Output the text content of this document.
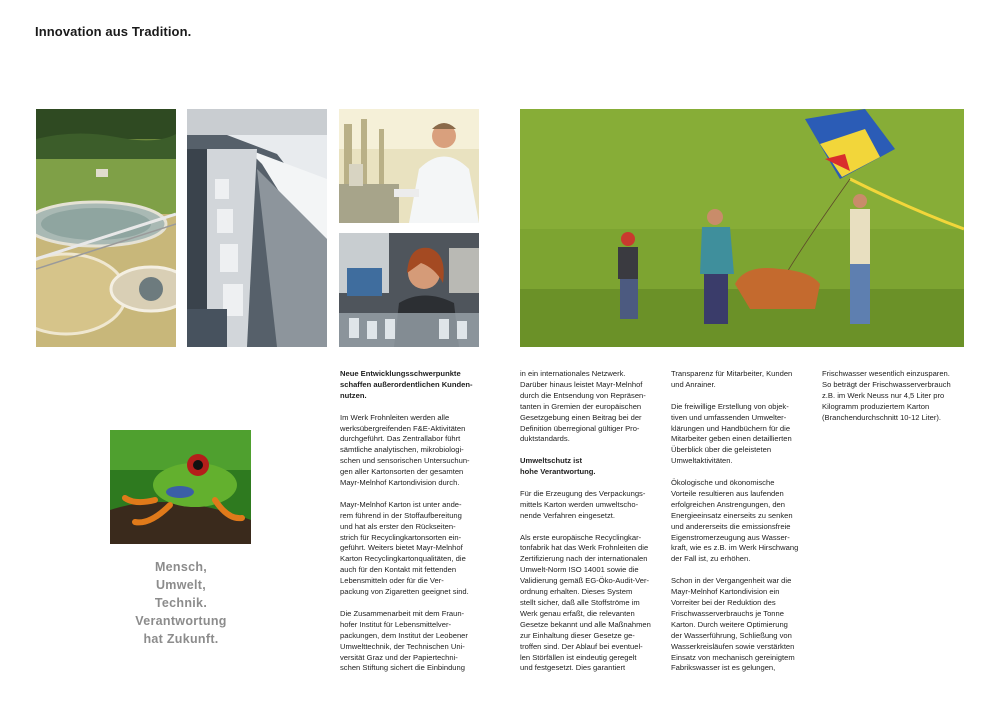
Innovation aus Tradition.
Mensch,
Umwelt,
Technik.
Verantwortung
hat Zukunft.

Neue Entwicklungsschwerpunkte
schaffen außerordentlichen Kunden-
nutzen.

Im Werk Frohnleiten werden alle
werksübergreifenden F&E-Aktivitäten
durchgeführt. Das Zentrallabor führt
sämtliche analytischen, mikrobiologi-
schen und sensorischen Untersuchun-
gen aller Kartonsorten der gesamten
Mayr-Melnhof Kartondivision durch.

Mayr-Melnhof Karton ist unter ande-
rem führend in der Stoffaufbereitung
und hat als erster den Rückseiten-
strich für Recyclingkartonsorten ein-
geführt. Weiters bietet Mayr-Melnhof
Karton Recyclingkartonqualitäten, die
auch für den Kontakt mit fettenden
Lebensmitteln oder für die Ver-
packung von Zigaretten geeignet sind.

Die Zusammenarbeit mit dem Fraun-
hofer Institut für Lebensmittelver-
packungen, dem Institut der Leobener
Umwelttechnik, der Technischen Uni-
versität Graz und der Papiertechni-
schen Stiftung sichert die Einbindung

in ein internationales Netzwerk.
Darüber hinaus leistet Mayr-Melnhof
durch die Entsendung von Repräsen-
tanten in Gremien der europäischen
Gesetzgebung einen Beitrag bei der
Definition überregional gültiger Pro-
duktstandards.

Umweltschutz ist
hohe Verantwortung.

Für die Erzeugung des Verpackungs-
mittels Karton werden umweltscho-
nende Verfahren eingesetzt.

Als erste europäische Recyclingkar-
tonfabrik hat das Werk Frohnleiten die
Zertifizierung nach der internationalen
Umwelt-Norm ISO 14001 sowie die
Validierung gemäß EG-Öko-Audit-Ver-
ordnung erhalten. Dieses System
stellt sicher, daß alle Stoffströme im
Werk genau erfaßt, die relevanten
Gesetze bekannt und alle Maßnahmen
zur Einhaltung dieser Gesetze ge-
troffen sind. Der Ablauf bei eventuel-
len Störfällen ist eindeutig geregelt
und festgesetzt. Dies garantiert

Transparenz für Mitarbeiter, Kunden
und Anrainer.

Die freiwillige Erstellung von objek-
tiven und umfassenden Umwelter-
klärungen und Handbüchern für die
Mitarbeiter geben einen detaillierten
Überblick über die geleisteten
Umweltaktivitäten.

Ökologische und ökonomische
Vorteile resultieren aus laufenden
erfolgreichen Anstrengungen, den
Energieeinsatz einerseits zu senken
und andererseits die emissionsfreie
Eigenstromerzeugung aus Wasser-
kraft, wie es z.B. im Werk Hirschwang
der Fall ist, zu erhöhen.

Schon in der Vergangenheit war die
Mayr-Melnhof Kartondivision ein
Vorreiter bei der Reduktion des
Frischwasserverbrauchs je Tonne
Karton. Durch weitere Optimierung
der Wasserführung, Schließung von
Wasserkreisläufen sowie verstärkten
Einsatz von mechanisch gereinigtem
Fabrikswasser ist es gelungen,

Frischwasser wesentlich einzusparen.
So beträgt der Frischwasserverbrauch
z.B. im Werk Neuss nur 4,5 Liter pro
Kilogramm produziertem Karton
(Branchendurchschnitt 10-12 Liter).
